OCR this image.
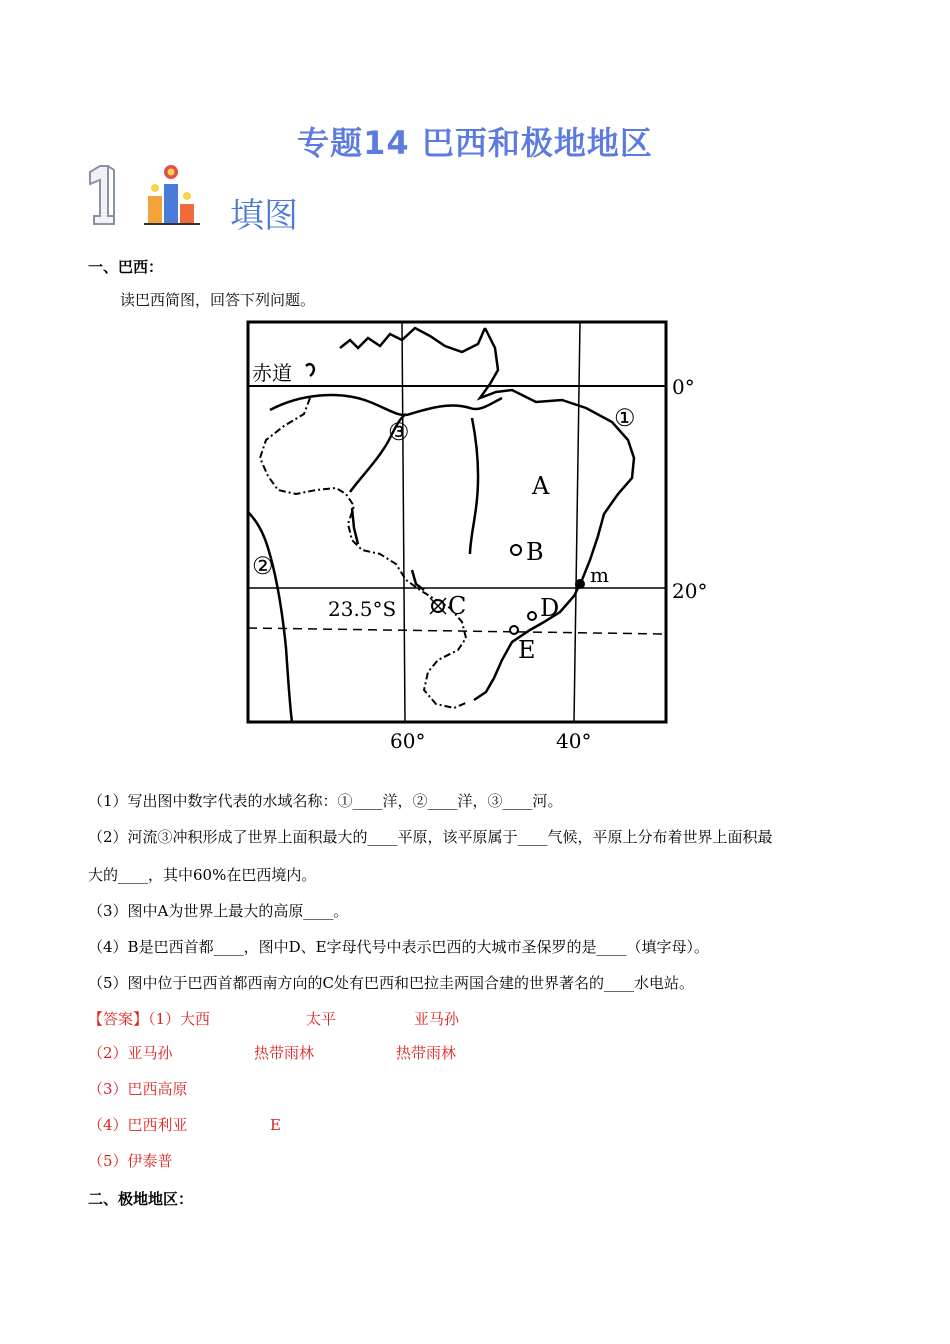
专题14 巴西和极地地区
填图
一、巴西：
读巴西简图，回答下列问题。
赤道
0°
20°
23.5°S
60°	40°
①
②
③
A
B
C	D
E
m
（1）写出图中数字代表的水域名称：①____洋，②____洋，③____河。
（2）河流③冲积形成了世界上面积最大的____平原，该平原属于____气候，平原上分布着世界上面积最
大的____，其中60%在巴西境内。
（3）图中A为世界上最大的高原____。
（4）B是巴西首都____，图中D、E字母代号中表示巴西的大城市圣保罗的是____（填字母）。
（5）图中位于巴西首都西南方向的C处有巴西和巴拉圭两国合建的世界著名的____水电站。
【答案】（1）大西	太平	亚马孙
（2）亚马孙	热带雨林	热带雨林
（3）巴西高原
（4）巴西利亚	E
（5）伊泰普
二、极地地区：
